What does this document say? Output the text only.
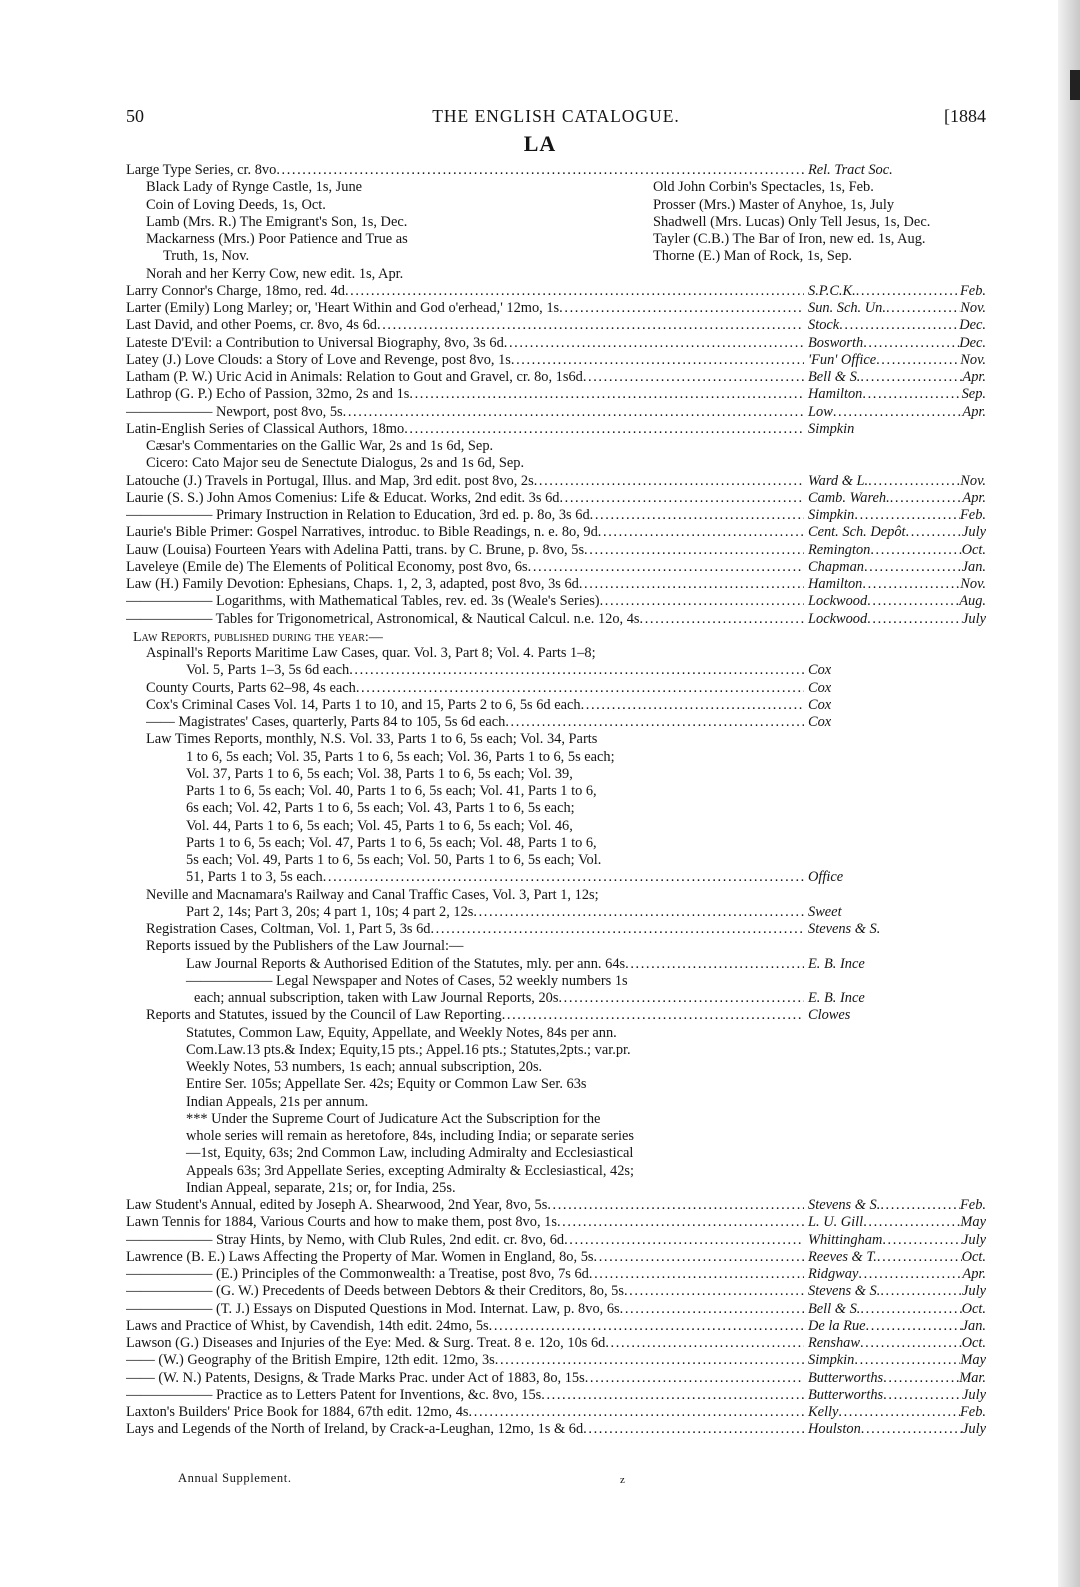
50	THE ENGLISH CATALOGUE.	[1884
LA
Large Type Series, cr. 8vo . . .	Rel. Tract Soc.
Black Lady of Rynge Castle, 1s, June	Old John Corbin's Spectacles, 1s, Feb.
Coin of Loving Deeds, 1s, Oct.	Prosser (Mrs.) Master of Anyhoe, 1s, July
Lamb (Mrs. R.) The Emigrant's Son, 1s, Dec.	Shadwell (Mrs. Lucas) Only Tell Jesus, 1s, Dec.
Mackarness (Mrs.) Poor Patience and True as	Tayler (C.B.) The Bar of Iron, new ed. 1s, Aug.
Truth, 1s, Nov.	Thorne (E.) Man of Rock, 1s, Sep.
Norah and her Kerry Cow, new edit. 1s, Apr.
Larry Connor's Charge, 18mo, red. 4d . . .	S.P.C.K. . . .	Feb.
Larter (Emily) Long Marley; or, 'Heart Within and God o'erhead,' 12mo, 1s . . .	Sun. Sch. Un. . . .	Nov.
Last David, and other Poems, cr. 8vo, 4s 6d . . .	Stock . . .	Dec.
Lateste D'Evil: a Contribution to Universal Biography, 8vo, 3s 6d . . .	Bosworth . . .	Dec.
Latey (J.) Love Clouds: a Story of Love and Revenge, post 8vo, 1s . . .	'Fun' Office . . .	Nov.
Latham (P. W.) Uric Acid in Animals: Relation to Gout and Gravel, cr. 8o, 1s6d . . .	Bell & S. . . .	Apr.
Lathrop (G. P.) Echo of Passion, 32mo, 2s and 1s . . .	Hamilton . . .	Sep.
—————— Newport, post 8vo, 5s . . .	Low . . .	Apr.
Latin-English Series of Classical Authors, 18mo . . .	Simpkin
Cæsar's Commentaries on the Gallic War, 2s and 1s 6d, Sep.
Cicero: Cato Major seu de Senectute Dialogus, 2s and 1s 6d, Sep.
Latouche (J.) Travels in Portugal, Illus. and Map, 3rd edit. post 8vo, 2s . . .	Ward & L. . . .	Nov.
Laurie (S. S.) John Amos Comenius: Life & Educat. Works, 2nd edit. 3s 6d . . .	Camb. Wareh. . . .	Apr.
—————— Primary Instruction in Relation to Education, 3rd ed. p. 8o, 3s 6d . . .	Simpkin . . .	Feb.
Laurie's Bible Primer: Gospel Narratives, introduc. to Bible Readings, n. e. 8o, 9d . . .	Cent. Sch. Depôt . . .	July
Lauw (Louisa) Fourteen Years with Adelina Patti, trans. by C. Brune, p. 8vo, 5s . . .	Remington . . .	Oct.
Laveleye (Emile de) The Elements of Political Economy, post 8vo, 6s . . .	Chapman . . .	Jan.
Law (H.) Family Devotion: Ephesians, Chaps. 1, 2, 3, adapted, post 8vo, 3s 6d . . .	Hamilton . . .	Nov.
—————— Logarithms, with Mathematical Tables, rev. ed. 3s (Weale's Series) . . .	Lockwood . . .	Aug.
—————— Tables for Trigonometrical, Astronomical, & Nautical Calcul. n.e. 12o, 4s . . .	Lockwood . . .	July
Law Reports, published during the year:—
Aspinall's Reports Maritime Law Cases, quar. Vol. 3, Part 8; Vol. 4. Parts 1–8;
Vol. 5, Parts 1–3, 5s 6d each . . .	Cox
County Courts, Parts 62–98, 4s each . . .	Cox
Cox's Criminal Cases Vol. 14, Parts 1 to 10, and 15, Parts 2 to 6, 5s 6d each . . .	Cox
—— Magistrates' Cases, quarterly, Parts 84 to 105, 5s 6d each . . .	Cox
Law Times Reports, monthly, N.S. Vol. 33, Parts 1 to 6, 5s each; Vol. 34, Parts
1 to 6, 5s each; Vol. 35, Parts 1 to 6, 5s each; Vol. 36, Parts 1 to 6, 5s each;
Vol. 37, Parts 1 to 6, 5s each; Vol. 38, Parts 1 to 6, 5s each; Vol. 39,
Parts 1 to 6, 5s each; Vol. 40, Parts 1 to 6, 5s each; Vol. 41, Parts 1 to 6,
6s each; Vol. 42, Parts 1 to 6, 5s each; Vol. 43, Parts 1 to 6, 5s each;
Vol. 44, Parts 1 to 6, 5s each; Vol. 45, Parts 1 to 6, 5s each; Vol. 46,
Parts 1 to 6, 5s each; Vol. 47, Parts 1 to 6, 5s each; Vol. 48, Parts 1 to 6,
5s each; Vol. 49, Parts 1 to 6, 5s each; Vol. 50, Parts 1 to 6, 5s each; Vol.
51, Parts 1 to 3, 5s each . . .	Office
Neville and Macnamara's Railway and Canal Traffic Cases, Vol. 3, Part 1, 12s;
Part 2, 14s; Part 3, 20s; 4 part 1, 10s; 4 part 2, 12s . . .	Sweet
Registration Cases, Coltman, Vol. 1, Part 5, 3s 6d . . .	Stevens & S.
Reports issued by the Publishers of the Law Journal:—
Law Journal Reports & Authorised Edition of the Statutes, mly. per ann. 64s . . .	E. B. Ince
—————— Legal Newspaper and Notes of Cases, 52 weekly numbers 1s
each; annual subscription, taken with Law Journal Reports, 20s . . .	E. B. Ince
Reports and Statutes, issued by the Council of Law Reporting . . .	Clowes
Statutes, Common Law, Equity, Appellate, and Weekly Notes, 84s per ann.
Com.Law.13 pts.& Index; Equity,15 pts.; Appel.16 pts.; Statutes,2pts.; var.pr.
Weekly Notes, 53 numbers, 1s each; annual subscription, 20s.
Entire Ser. 105s; Appellate Ser. 42s; Equity or Common Law Ser. 63s
Indian Appeals, 21s per annum.
*** Under the Supreme Court of Judicature Act the Subscription for the
whole series will remain as heretofore, 84s, including India; or separate series
—1st, Equity, 63s; 2nd Common Law, including Admiralty and Ecclesiastical
Appeals 63s; 3rd Appellate Series, excepting Admiralty & Ecclesiastical, 42s;
Indian Appeal, separate, 21s; or, for India, 25s.
Law Student's Annual, edited by Joseph A. Shearwood, 2nd Year, 8vo, 5s . . .	Stevens & S. . . .	Feb.
Lawn Tennis for 1884, Various Courts and how to make them, post 8vo, 1s . . .	L. U. Gill . . .	May
—————— Stray Hints, by Nemo, with Club Rules, 2nd edit. cr. 8vo, 6d . . .	Whittingham . . .	July
Lawrence (B. E.) Laws Affecting the Property of Mar. Women in England, 8o, 5s . . .	Reeves & T. . . .	Oct.
—————— (E.) Principles of the Commonwealth: a Treatise, post 8vo, 7s 6d . . .	Ridgway . . .	Apr.
—————— (G. W.) Precedents of Deeds between Debtors & their Creditors, 8o, 5s . . .	Stevens & S. . . .	July
—————— (T. J.) Essays on Disputed Questions in Mod. Internat. Law, p. 8vo, 6s . . .	Bell & S. . . .	Oct.
Laws and Practice of Whist, by Cavendish, 14th edit. 24mo, 5s . . .	De la Rue . . .	Jan.
Lawson (G.) Diseases and Injuries of the Eye: Med. & Surg. Treat. 8 e. 12o, 10s 6d . . .	Renshaw . . .	Oct.
—— (W.) Geography of the British Empire, 12th edit. 12mo, 3s . . .	Simpkin . . .	May
—— (W. N.) Patents, Designs, & Trade Marks Prac. under Act of 1883, 8o, 15s . . .	Butterworths . . .	Mar.
—————— Practice as to Letters Patent for Inventions, &c. 8vo, 15s . . .	Butterworths . . .	July
Laxton's Builders' Price Book for 1884, 67th edit. 12mo, 4s . . .	Kelly . . .	Feb.
Lays and Legends of the North of Ireland, by Crack-a-Leughan, 12mo, 1s & 6d . . .	Houlston . . .	July
Annual Supplement.	z
